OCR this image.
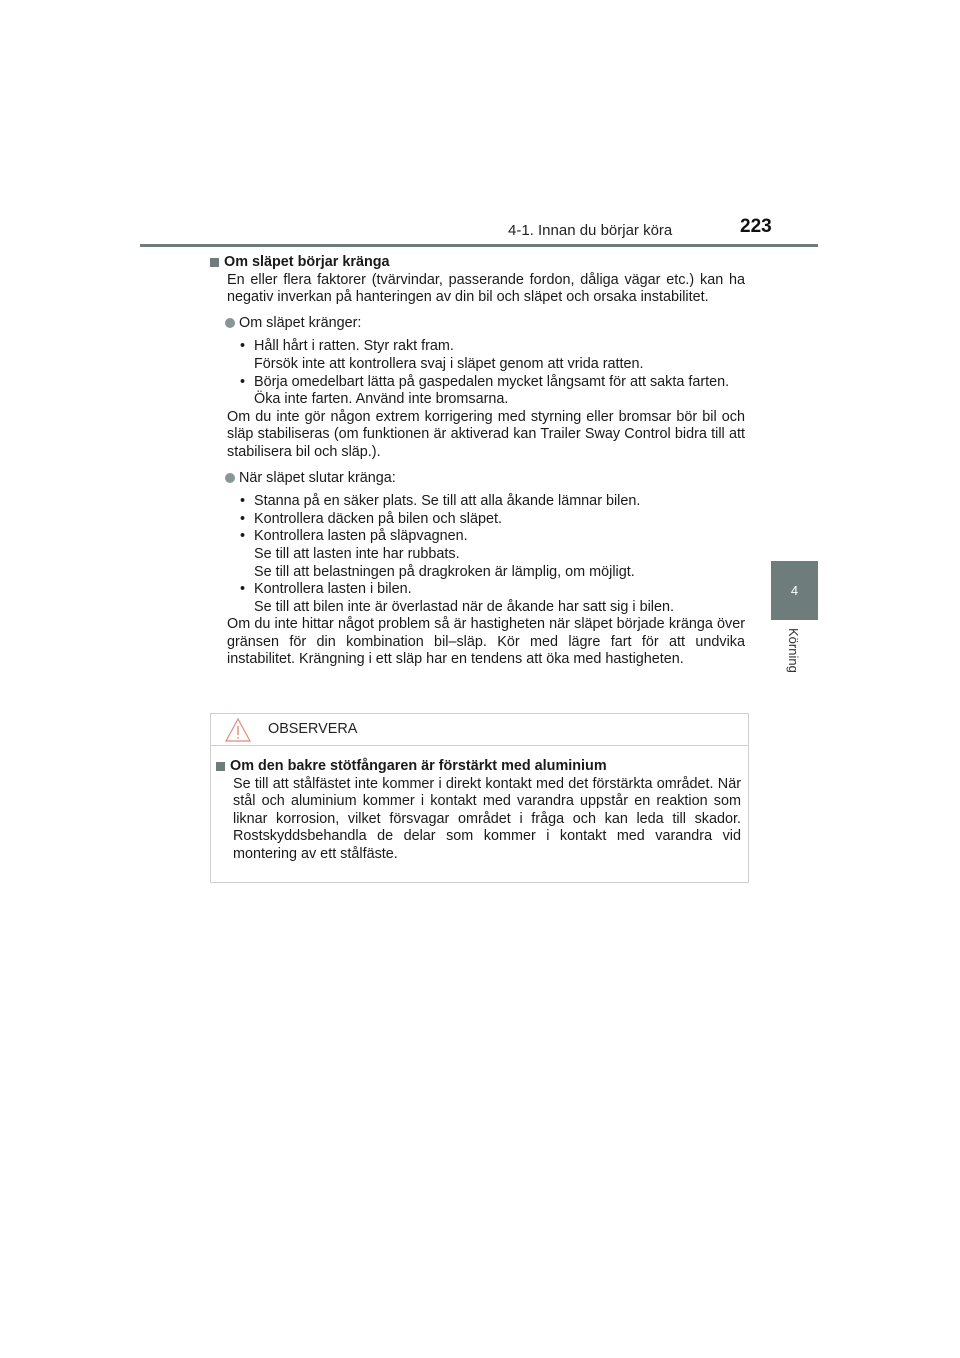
4-1. Innan du börjar köra	223
4
Körning
Om släpet börjar kränga
En eller flera faktorer (tvärvindar, passerande fordon, dåliga vägar etc.) kan ha negativ inverkan på hanteringen av din bil och släpet och orsaka instabilitet.
Om släpet kränger:
• Håll hårt i ratten. Styr rakt fram.
Försök inte att kontrollera svaj i släpet genom att vrida ratten.
• Börja omedelbart lätta på gaspedalen mycket långsamt för att sakta farten.
Öka inte farten. Använd inte bromsarna.
Om du inte gör någon extrem korrigering med styrning eller bromsar bör bil och släp stabiliseras (om funktionen är aktiverad kan Trailer Sway Control bidra till att stabilisera bil och släp.).
När släpet slutar kränga:
• Stanna på en säker plats. Se till att alla åkande lämnar bilen.
• Kontrollera däcken på bilen och släpet.
• Kontrollera lasten på släpvagnen.
Se till att lasten inte har rubbats.
Se till att belastningen på dragkroken är lämplig, om möjligt.
• Kontrollera lasten i bilen.
Se till att bilen inte är överlastad när de åkande har satt sig i bilen.
Om du inte hittar något problem så är hastigheten när släpet började kränga över gränsen för din kombination bil–släp. Kör med lägre fart för att undvika instabilitet. Krängning i ett släp har en tendens att öka med hastigheten.
OBSERVERA
Om den bakre stötfångaren är förstärkt med aluminium
Se till att stålfästet inte kommer i direkt kontakt med det förstärkta området. När stål och aluminium kommer i kontakt med varandra uppstår en reaktion som liknar korrosion, vilket försvagar området i fråga och kan leda till skador. Rostskyddsbehandla de delar som kommer i kontakt med varandra vid montering av ett stålfäste.
